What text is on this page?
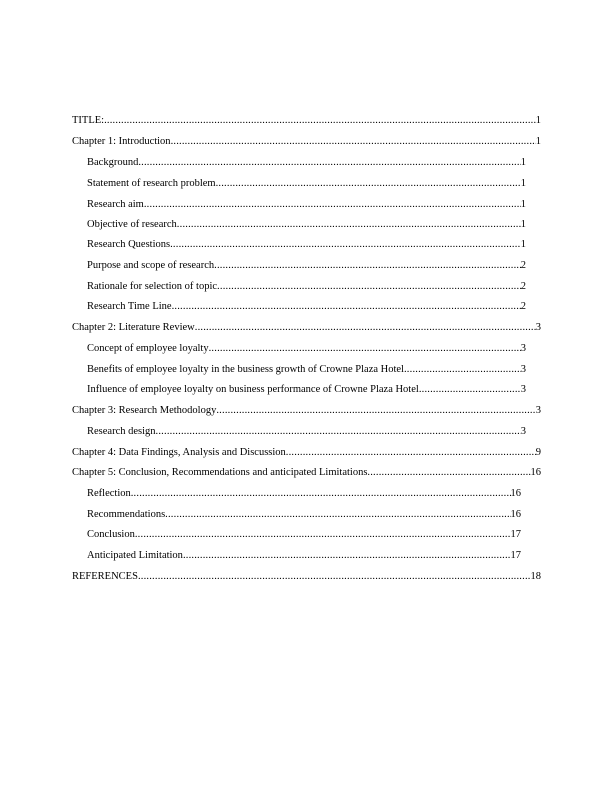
TITLE: .....	1
Chapter 1: Introduction .....	1
Background .....	1
Statement of research problem .....	1
Research aim .....	1
Objective of research .....	1
Research Questions .....	1
Purpose and scope of research .....	2
Rationale for selection of topic .....	2
Research Time Line .....	2
Chapter 2: Literature Review .....	3
Concept of employee loyalty .....	3
Benefits of employee loyalty in the business growth of Crowne Plaza Hotel .....	3
Influence of employee loyalty on business performance of Crowne Plaza Hotel .....	3
Chapter 3: Research Methodology .....	3
Research design .....	3
Chapter 4: Data Findings, Analysis and Discussion .....	9
Chapter 5: Conclusion, Recommendations and anticipated Limitations .....	16
Reflection .....	16
Recommendations .....	16
Conclusion .....	17
Anticipated Limitation .....	17
REFERENCES .....	18
